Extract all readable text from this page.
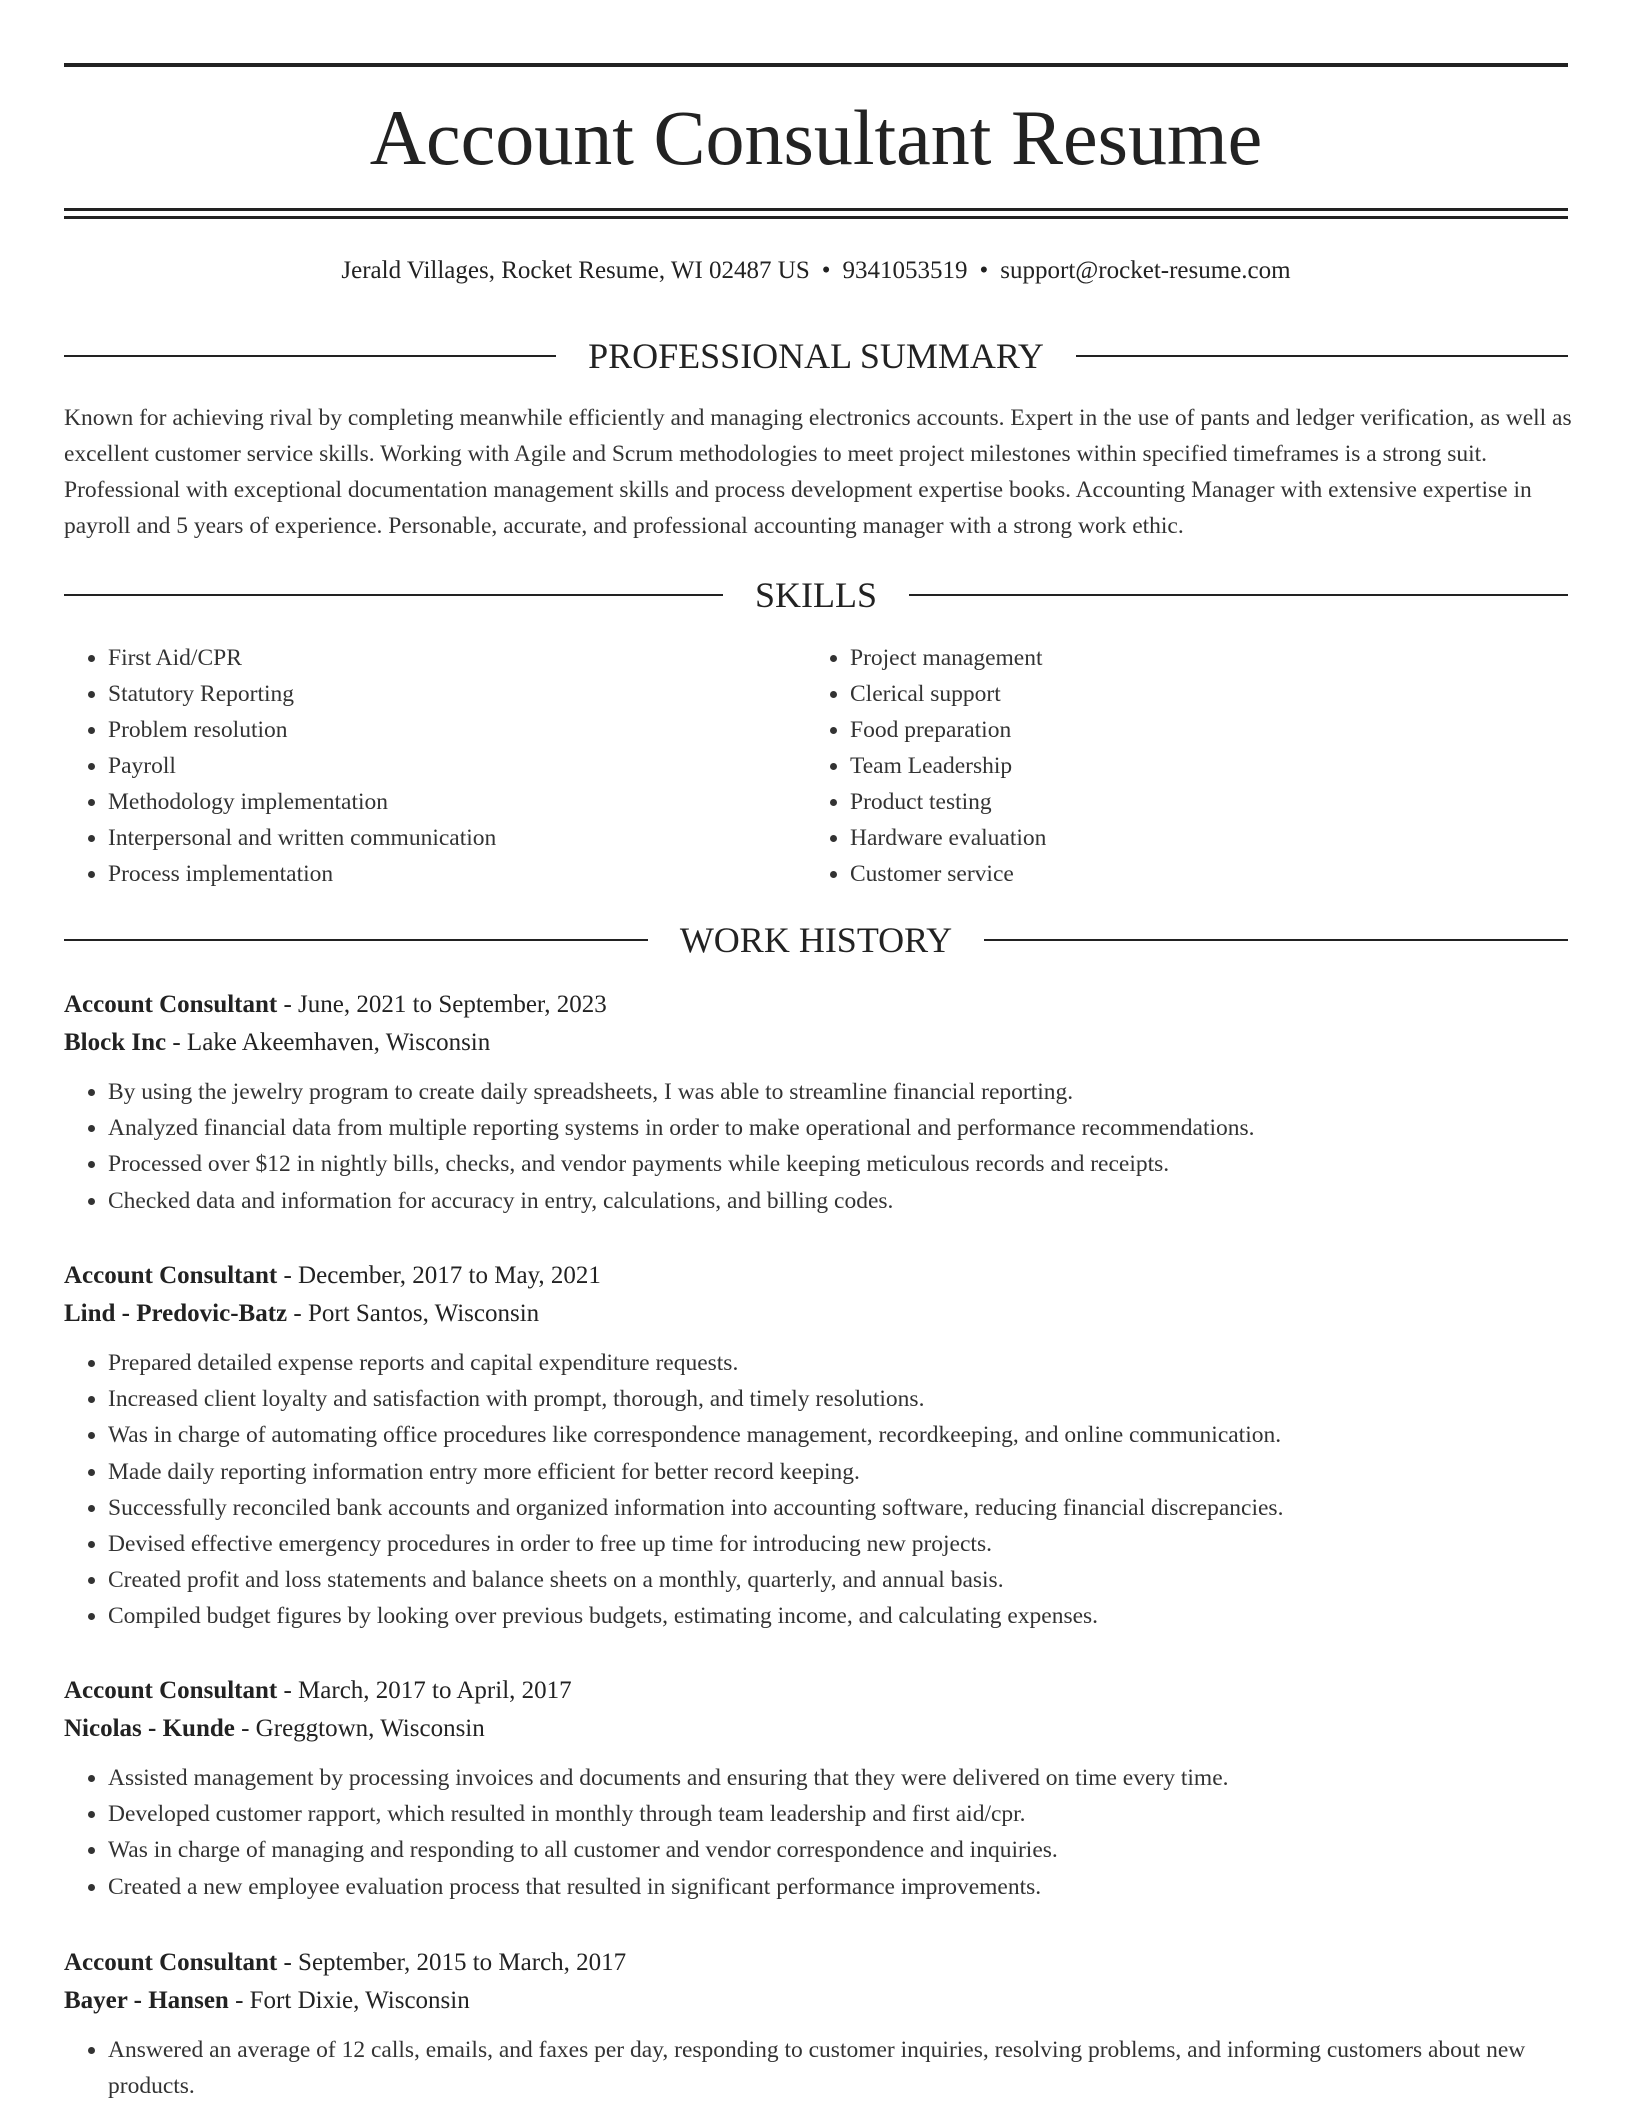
Account Consultant Resume
Jerald Villages, Rocket Resume, WI 02487 US • 9341053519 • support@rocket-resume.com
PROFESSIONAL SUMMARY

Known for achieving rival by completing meanwhile efficiently and managing electronics accounts. Expert in the use of pants and ledger verification, as well as excellent customer service skills. Working with Agile and Scrum methodologies to meet project milestones within specified timeframes is a strong suit. Professional with exceptional documentation management skills and process development expertise books. Accounting Manager with extensive expertise in payroll and 5 years of experience. Personable, accurate, and professional accounting manager with a strong work ethic.

SKILLS
• First Aid/CPR
• Statutory Reporting
• Problem resolution
• Payroll
• Methodology implementation
• Interpersonal and written communication
• Process implementation
• Project management
• Clerical support
• Food preparation
• Team Leadership
• Product testing
• Hardware evaluation
• Customer service
WORK HISTORY
Account Consultant - June, 2021 to September, 2023
Block Inc - Lake Akeemhaven, Wisconsin
• By using the jewelry program to create daily spreadsheets, I was able to streamline financial reporting.
• Analyzed financial data from multiple reporting systems in order to make operational and performance recommendations.
• Processed over $12 in nightly bills, checks, and vendor payments while keeping meticulous records and receipts.
• Checked data and information for accuracy in entry, calculations, and billing codes.
Account Consultant - December, 2017 to May, 2021
Lind - Predovic-Batz - Port Santos, Wisconsin
• Prepared detailed expense reports and capital expenditure requests.
• Increased client loyalty and satisfaction with prompt, thorough, and timely resolutions.
• Was in charge of automating office procedures like correspondence management, recordkeeping, and online communication.
• Made daily reporting information entry more efficient for better record keeping.
• Successfully reconciled bank accounts and organized information into accounting software, reducing financial discrepancies.
• Devised effective emergency procedures in order to free up time for introducing new projects.
• Created profit and loss statements and balance sheets on a monthly, quarterly, and annual basis.
• Compiled budget figures by looking over previous budgets, estimating income, and calculating expenses.
Account Consultant - March, 2017 to April, 2017
Nicolas - Kunde - Greggtown, Wisconsin
• Assisted management by processing invoices and documents and ensuring that they were delivered on time every time.
• Developed customer rapport, which resulted in monthly through team leadership and first aid/cpr.
• Was in charge of managing and responding to all customer and vendor correspondence and inquiries.
• Created a new employee evaluation process that resulted in significant performance improvements.
Account Consultant - September, 2015 to March, 2017
Bayer - Hansen - Fort Dixie, Wisconsin
• Answered an average of 12 calls, emails, and faxes per day, responding to customer inquiries, resolving problems, and informing customers about new products.
